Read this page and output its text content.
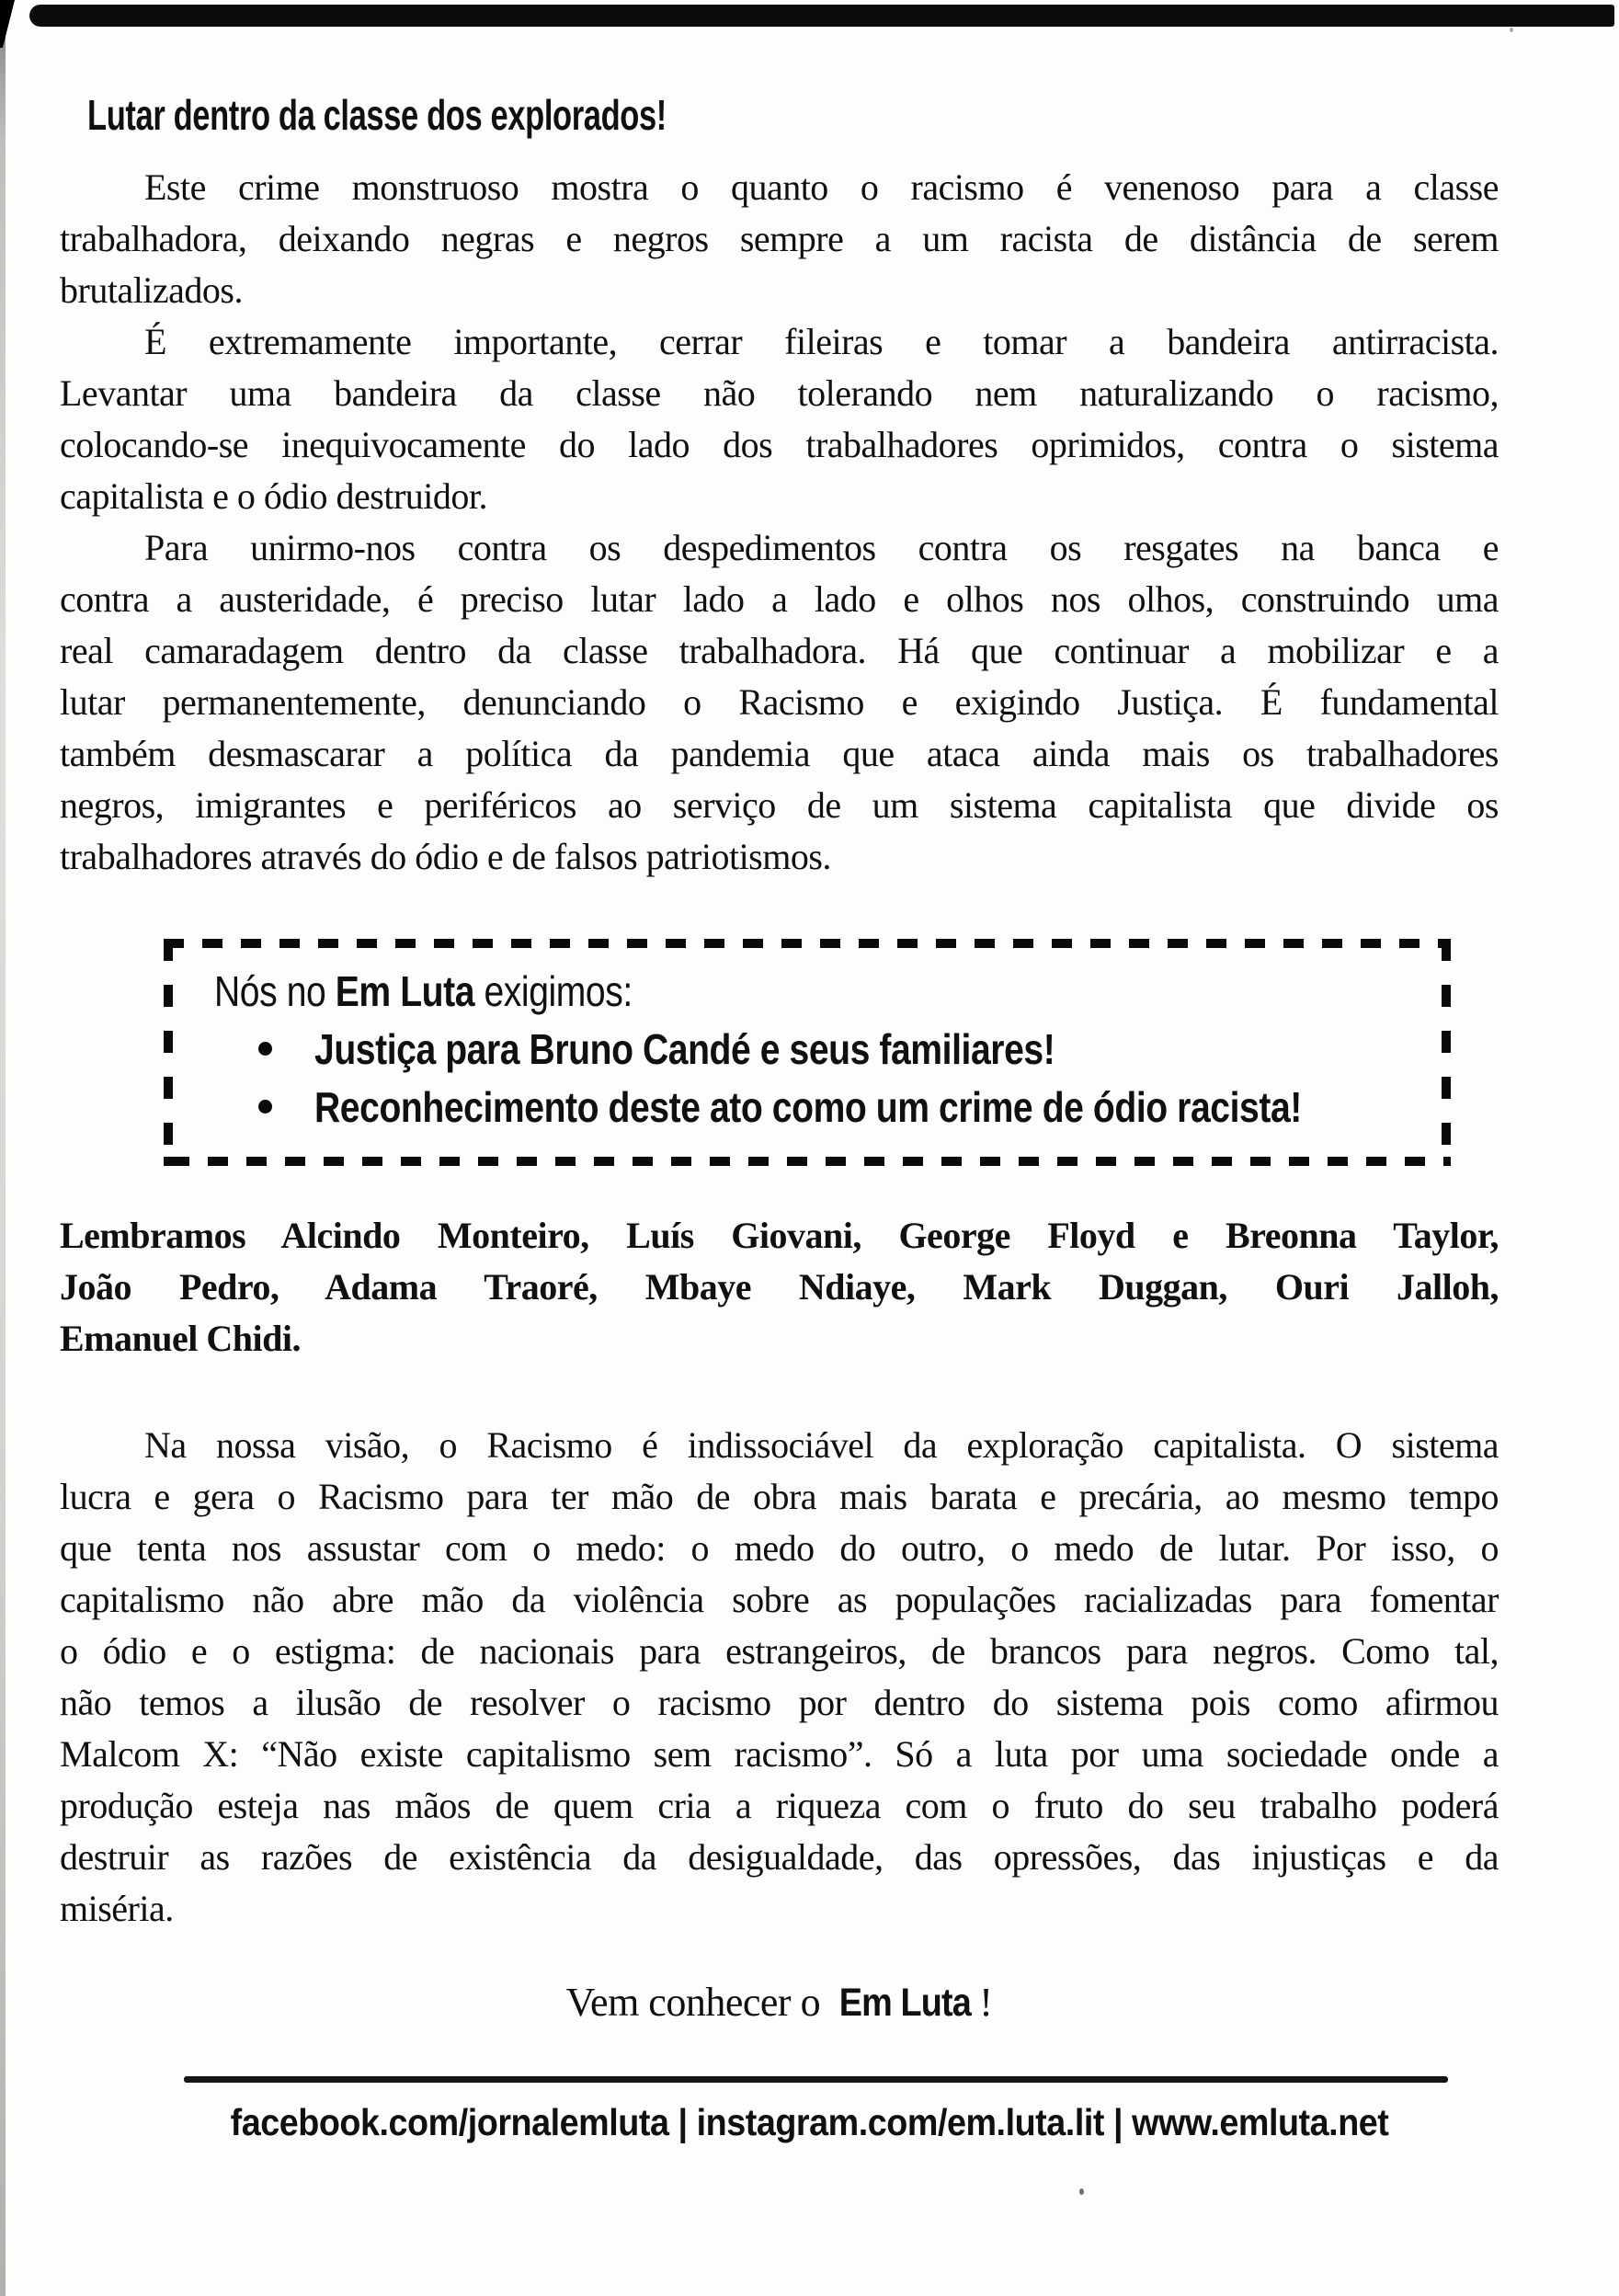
Lutar dentro da classe dos explorados!
Este crime monstruoso mostra o quanto o racismo é venenoso para a classe
trabalhadora, deixando negras e negros sempre a um racista de distância de serem
brutalizados.
É extremamente importante, cerrar fileiras e tomar a bandeira antirracista.
Levantar uma bandeira da classe não tolerando nem naturalizando o racismo,
colocando-se inequivocamente do lado dos trabalhadores oprimidos, contra o sistema
capitalista e o ódio destruidor.
Para unirmo-nos contra os despedimentos contra os resgates na banca e
contra a austeridade, é preciso lutar lado a lado e olhos nos olhos, construindo uma
real camaradagem dentro da classe trabalhadora. Há que continuar a mobilizar e a
lutar permanentemente, denunciando o Racismo e exigindo Justiça. É fundamental
também desmascarar a política da pandemia que ataca ainda mais os trabalhadores
negros, imigrantes e periféricos ao serviço de um sistema capitalista que divide os
trabalhadores através do ódio e de falsos patriotismos.
Nós no Em Luta exigimos:
Justiça para Bruno Candé e seus familiares!
Reconhecimento deste ato como um crime de ódio racista!
Lembramos Alcindo Monteiro, Luís Giovani, George Floyd e Breonna Taylor,
João Pedro, Adama Traoré, Mbaye Ndiaye, Mark Duggan, Ouri Jalloh,
Emanuel Chidi.
Na nossa visão, o Racismo é indissociável da exploração capitalista. O sistema
lucra e gera o Racismo para ter mão de obra mais barata e precária, ao mesmo tempo
que tenta nos assustar com o medo: o medo do outro, o medo de lutar. Por isso, o
capitalismo não abre mão da violência sobre as populações racializadas para fomentar
o ódio e o estigma: de nacionais para estrangeiros, de brancos para negros. Como tal,
não temos a ilusão de resolver o racismo por dentro do sistema pois como afirmou
Malcom X: “Não existe capitalismo sem racismo”. Só a luta por uma sociedade onde a
produção esteja nas mãos de quem cria a riqueza com o fruto do seu trabalho poderá
destruir as razões de existência da desigualdade, das opressões, das injustiças e da
miséria.
Vem conhecer o Em Luta !
facebook.com/jornalemluta | instagram.com/em.luta.lit | www.emluta.net
